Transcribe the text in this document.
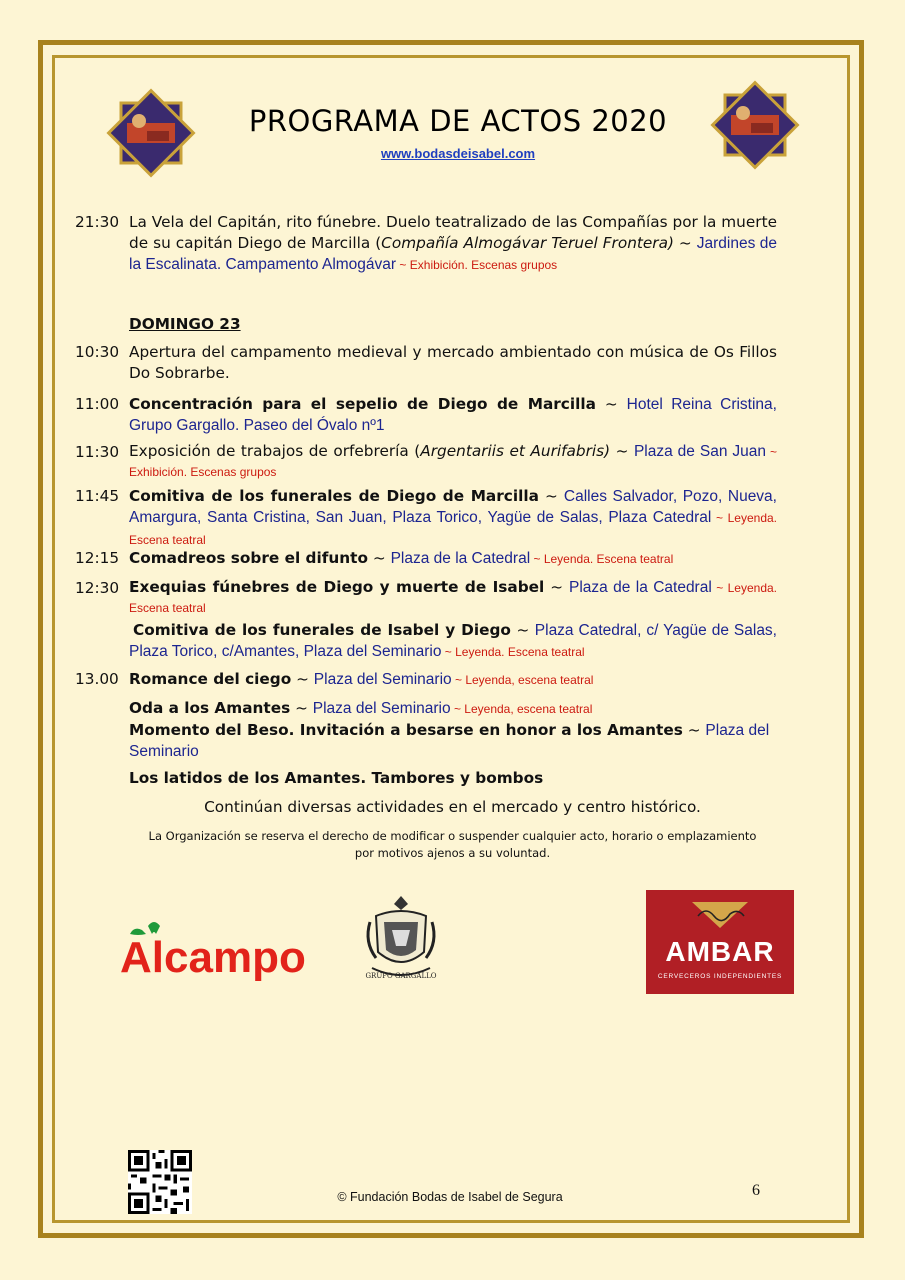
PROGRAMA DE ACTOS 2020
www.bodasdeisabel.com
21:30 La Vela del Capitán, rito fúnebre. Duelo teatralizado de las Compañías por la muerte de su capitán Diego de Marcilla (Compañía Almogávar Teruel Frontera) ~ Jardines de la Escalinata. Campamento Almogávar ~ Exhibición. Escenas grupos
DOMINGO 23
10:30 Apertura del campamento medieval y mercado ambientado con música de Os Fillos Do Sobrarbe.
11:00 Concentración para el sepelio de Diego de Marcilla ~ Hotel Reina Cristina, Grupo Gargallo. Paseo del Óvalo nº1
11:30 Exposición de trabajos de orfebrería (Argentariis et Aurifabris) ~ Plaza de San Juan ~ Exhibición. Escenas grupos
11:45 Comitiva de los funerales de Diego de Marcilla ~ Calles Salvador, Pozo, Nueva, Amargura, Santa Cristina, San Juan, Plaza Torico, Yagüe de Salas, Plaza Catedral ~ Leyenda. Escena teatral
12:15 Comadreos sobre el difunto ~ Plaza de la Catedral ~ Leyenda. Escena teatral
12:30 Exequias fúnebres de Diego y muerte de Isabel ~ Plaza de la Catedral ~ Leyenda. Escena teatral
Comitiva de los funerales de Isabel y Diego ~ Plaza Catedral, c/ Yagüe de Salas, Plaza Torico, c/Amantes, Plaza del Seminario ~ Leyenda. Escena teatral
13.00 Romance del ciego ~ Plaza del Seminario ~ Leyenda, escena teatral
Oda a los Amantes ~ Plaza del Seminario ~ Leyenda, escena teatral
Momento del Beso. Invitación a besarse en honor a los Amantes ~ Plaza del Seminario
Los latidos de los Amantes. Tambores y bombos
Continúan diversas actividades en el mercado y centro histórico.
La Organización se reserva el derecho de modificar o suspender cualquier acto, horario o emplazamiento por motivos ajenos a su voluntad.
Alcampo	GRUPO GARGALLO
AMBAR
CERVECEROS INDEPENDIENTES
© Fundación Bodas de Isabel de Segura	6
